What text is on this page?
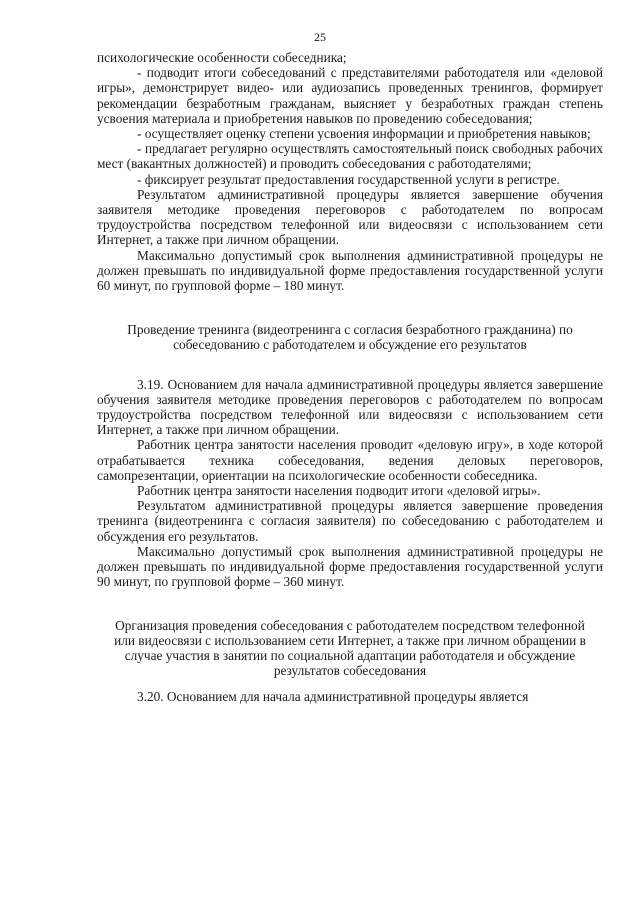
25

психологические особенности собеседника;

- подводит итоги собеседований с представителями работодателя или «деловой игры», демонстрирует видео- или аудиозапись проведенных тренингов, формирует рекомендации безработным гражданам, выясняет у безработных граждан степень усвоения материала и приобретения навыков по проведению собеседования;

- осуществляет оценку степени усвоения информации и приобретения навыков;

- предлагает регулярно осуществлять самостоятельный поиск свободных рабочих мест (вакантных должностей) и проводить собеседования с работодателями;

- фиксирует результат предоставления государственной услуги в регистре.

Результатом административной процедуры является завершение обучения заявителя методике проведения переговоров с работодателем по вопросам трудоустройства посредством телефонной или видеосвязи с использованием сети Интернет, а также при личном обращении.

Максимально допустимый срок выполнения административной процедуры не должен превышать по индивидуальной форме предоставления государственной услуги 60 минут, по групповой форме – 180 минут.

Проведение тренинга (видеотренинга с согласия безработного гражданина) по собеседованию с работодателем и обсуждение его результатов

3.19. Основанием для начала административной процедуры является завершение обучения заявителя методике проведения переговоров с работодателем по вопросам трудоустройства посредством телефонной или видеосвязи с использованием сети Интернет, а также при личном обращении.

Работник центра занятости населения проводит «деловую игру», в ходе которой отрабатывается техника собеседования, ведения деловых переговоров, самопрезентации, ориентации на психологические особенности собеседника.

Работник центра занятости населения подводит итоги «деловой игры».

Результатом административной процедуры является завершение проведения тренинга (видеотренинга с согласия заявителя) по собеседованию с работодателем и обсуждения его результатов.

Максимально допустимый срок выполнения административной процедуры не должен превышать по индивидуальной форме предоставления государственной услуги 90 минут, по групповой форме – 360 минут.

Организация проведения собеседования с работодателем посредством телефонной или видеосвязи с использованием сети Интернет, а также при личном обращении в случае участия в занятии по социальной адаптации работодателя и обсуждение результатов собеседования

3.20. Основанием для начала административной процедуры является
